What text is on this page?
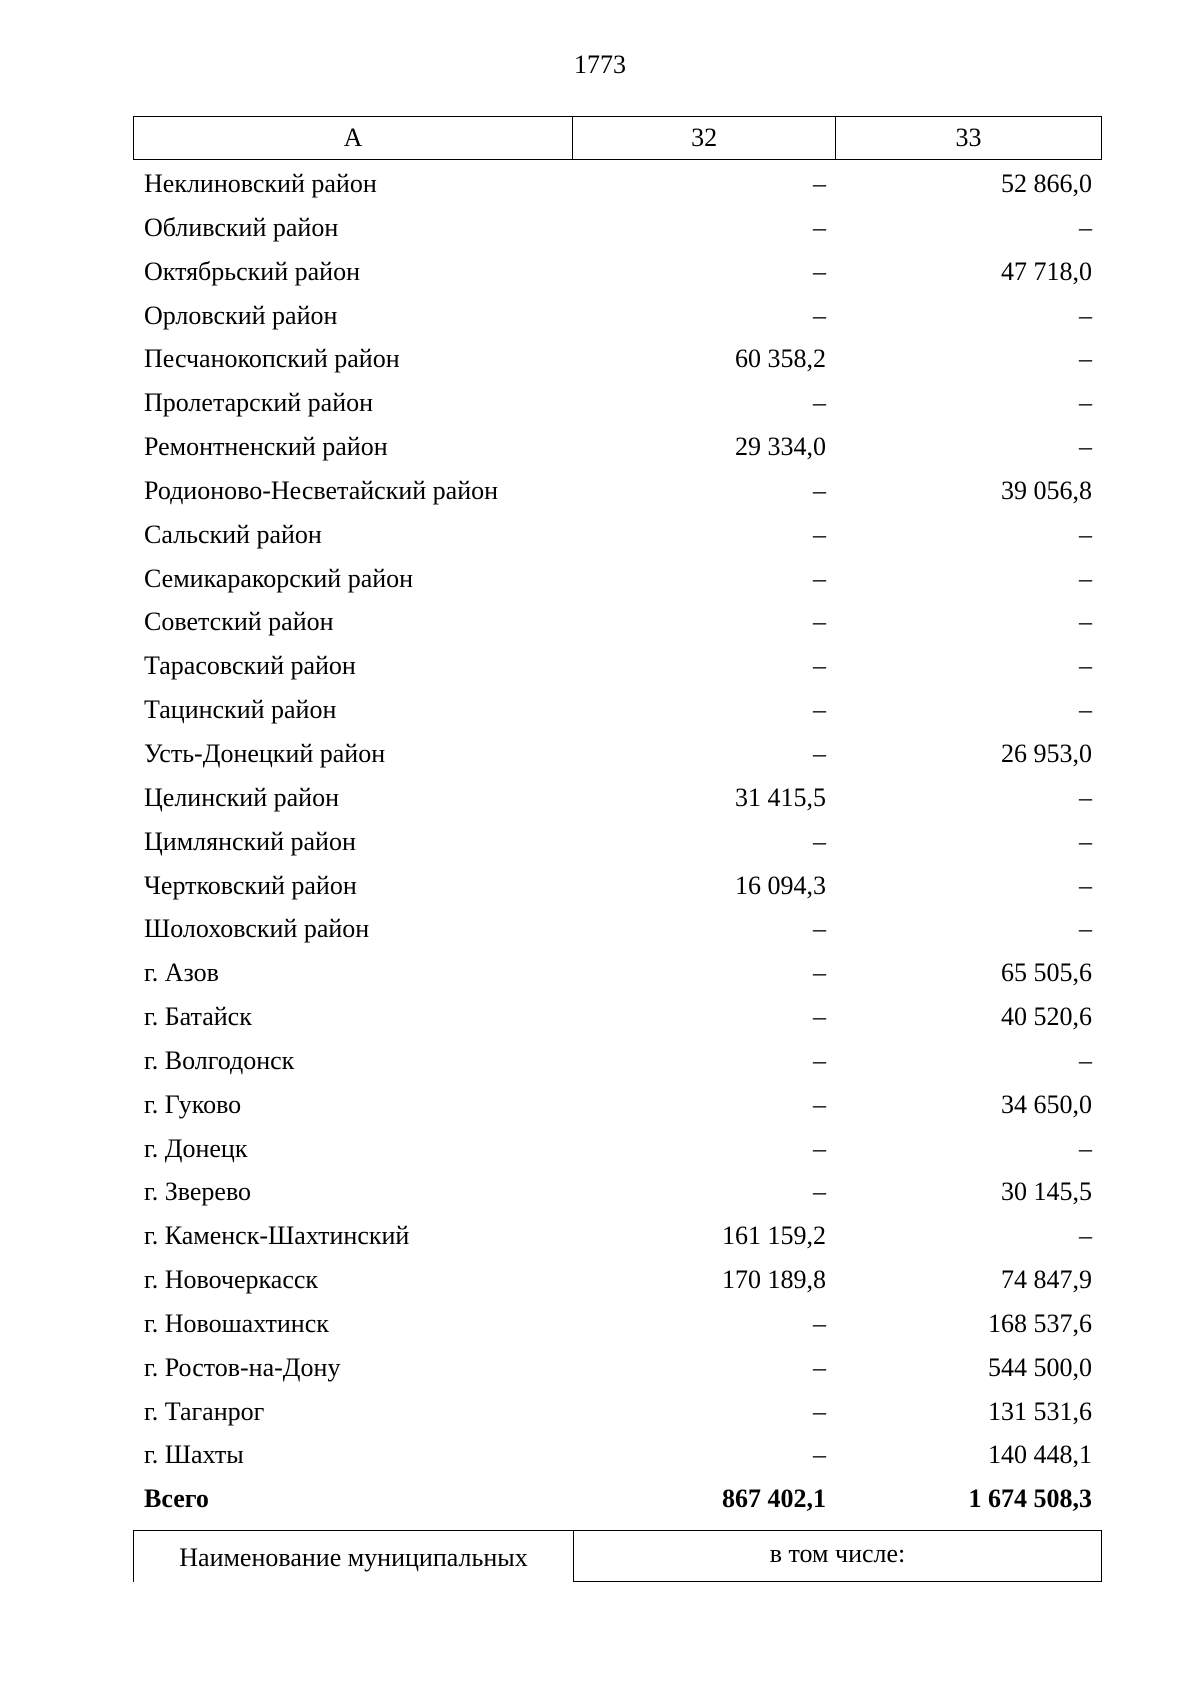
1773
А	32	33
Неклиновский район	–	52 866,0
Обливский район	–	–
Октябрьский район	–	47 718,0
Орловский район	–	–
Песчанокопский район	60 358,2	–
Пролетарский район	–	–
Ремонтненский район	29 334,0	–
Родионово-Несветайский район	–	39 056,8
Сальский район	–	–
Семикаракорский район	–	–
Советский район	–	–
Тарасовский район	–	–
Тацинский район	–	–
Усть-Донецкий район	–	26 953,0
Целинский район	31 415,5	–
Цимлянский район	–	–
Чертковский район	16 094,3	–
Шолоховский район	–	–
г. Азов	–	65 505,6
г. Батайск	–	40 520,6
г. Волгодонск	–	–
г. Гуково	–	34 650,0
г. Донецк	–	–
г. Зверево	–	30 145,5
г. Каменск-Шахтинский	161 159,2	–
г. Новочеркасск	170 189,8	74 847,9
г. Новошахтинск	–	168 537,6
г. Ростов-на-Дону	–	544 500,0
г. Таганрог	–	131 531,6
г. Шахты	–	140 448,1
Всего	867 402,1	1 674 508,3
Наименование муниципальных	в том числе:
